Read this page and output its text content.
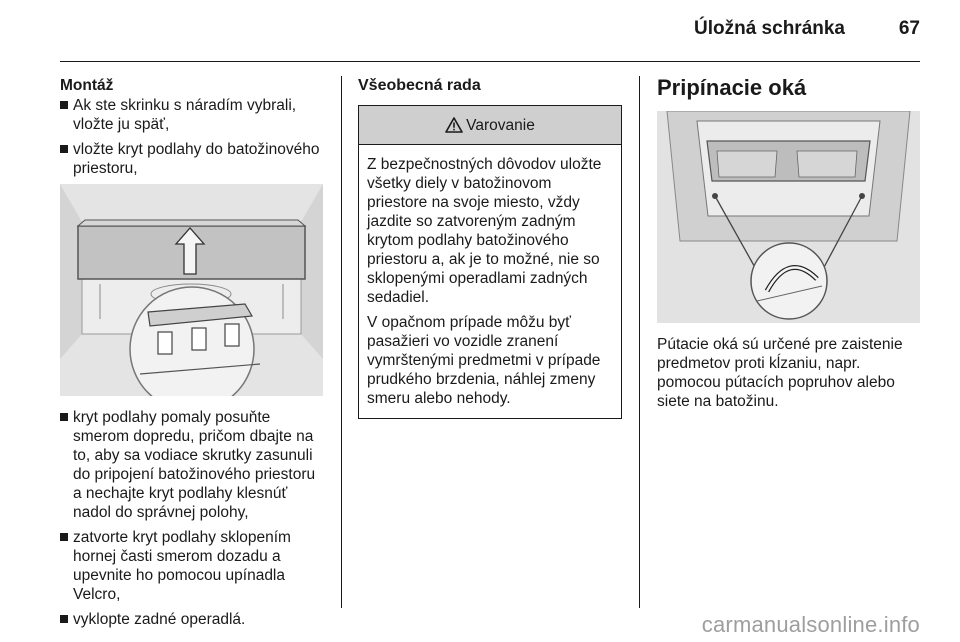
Úložná schránka	67
Montáž
Ak ste skrinku s náradím vybrali, vložte ju späť,
vložte kryt podlahy do batožinového priestoru,
kryt podlahy pomaly posuňte smerom dopredu, pričom dbajte na to, aby sa vodiace skrutky zasunuli do pripojení batožinového priestoru a nechajte kryt podlahy klesnúť nadol do správnej polohy,
zatvorte kryt podlahy sklopením hornej časti smerom dozadu a upevnite ho pomocou upínadla Velcro,
vyklopte zadné operadlá.
Všeobecná rada
Varovanie

Z bezpečnostných dôvodov uložte všetky diely v batožinovom priestore na svoje miesto, vždy jazdite so zatvoreným zadným krytom podlahy batožinového priestoru a, ak je to možné, nie so sklopenými operadlami zadných sedadiel.

V opačnom prípade môžu byť pasažieri vo vozidle zranení vymrštenými predmetmi v prípade prudkého brzdenia, náhlej zmeny smeru alebo nehody.

Pripínacie oká

Pútacie oká sú určené pre zaistenie predmetov proti kĺzaniu, napr. pomocou pútacích popruhov alebo siete na batožinu.

carmanualsonline.info
